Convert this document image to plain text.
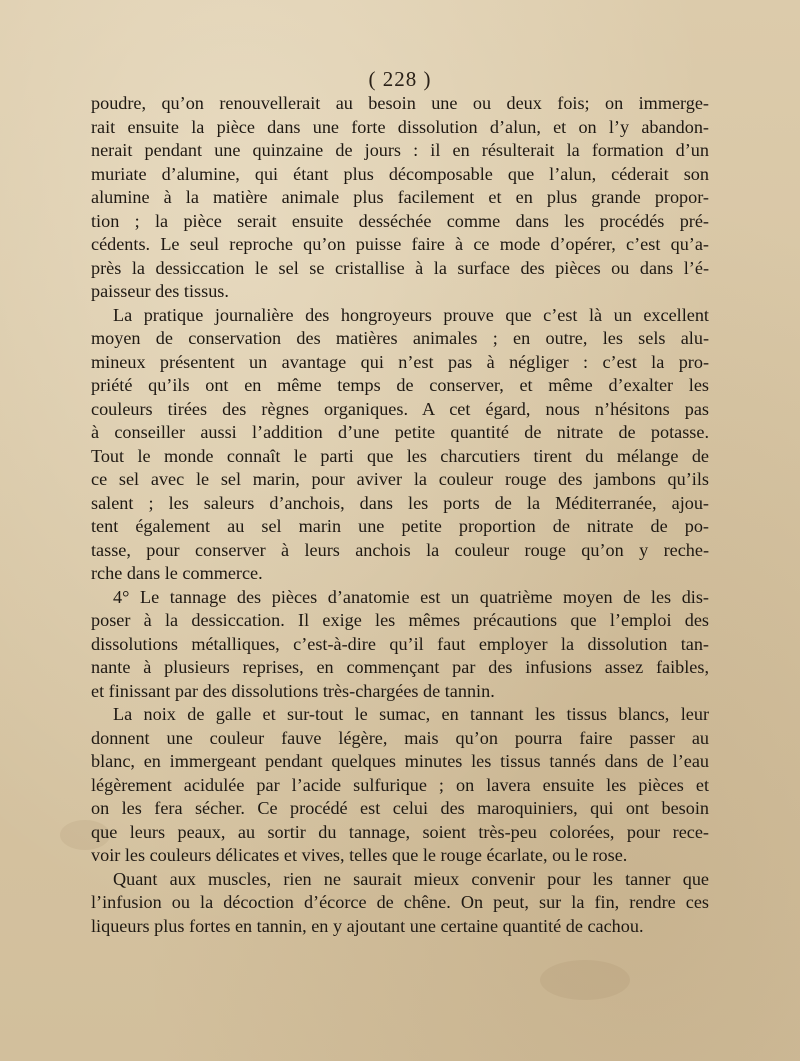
( 228 )
poudre, qu’on renouvellerait au besoin une ou deux fois; on immerge-
rait ensuite la pièce dans une forte dissolution d’alun, et on l’y abandon-
nerait pendant une quinzaine de jours : il en résulterait la formation d’un
muriate d’alumine, qui étant plus décomposable que l’alun, céderait son
alumine à la matière animale plus facilement et en plus grande propor-
tion ; la pièce serait ensuite desséchée comme dans les procédés pré-
cédents. Le seul reproche qu’on puisse faire à ce mode d’opérer, c’est qu’a-
près la dessiccation le sel se cristallise à la surface des pièces ou dans l’é-
paisseur des tissus.
La pratique journalière des hongroyeurs prouve que c’est là un excellent
moyen de conservation des matières animales ; en outre, les sels alu-
mineux présentent un avantage qui n’est pas à négliger : c’est la pro-
priété qu’ils ont en même temps de conserver, et même d’exalter les
couleurs tirées des règnes organiques. A cet égard, nous n’hésitons pas
à conseiller aussi l’addition d’une petite quantité de nitrate de potasse.
Tout le monde connaît le parti que les charcutiers tirent du mélange de
ce sel avec le sel marin, pour aviver la couleur rouge des jambons qu’ils
salent ; les saleurs d’anchois, dans les ports de la Méditerranée, ajou-
tent également au sel marin une petite proportion de nitrate de po-
tasse, pour conserver à leurs anchois la couleur rouge qu’on y reche-
rche dans le commerce.
4° Le tannage des pièces d’anatomie est un quatrième moyen de les dis-
poser à la dessiccation. Il exige les mêmes précautions que l’emploi des
dissolutions métalliques, c’est-à-dire qu’il faut employer la dissolution tan-
nante à plusieurs reprises, en commençant par des infusions assez faibles,
et finissant par des dissolutions très-chargées de tannin.
La noix de galle et sur-tout le sumac, en tannant les tissus blancs, leur
donnent une couleur fauve légère, mais qu’on pourra faire passer au
blanc, en immergeant pendant quelques minutes les tissus tannés dans de l’eau
légèrement acidulée par l’acide sulfurique ; on lavera ensuite les pièces et
on les fera sécher. Ce procédé est celui des maroquiniers, qui ont besoin
que leurs peaux, au sortir du tannage, soient très-peu colorées, pour rece-
voir les couleurs délicates et vives, telles que le rouge écarlate, ou le rose.
Quant aux muscles, rien ne saurait mieux convenir pour les tanner que
l’infusion ou la décoction d’écorce de chêne. On peut, sur la fin, rendre ces
liqueurs plus fortes en tannin, en y ajoutant une certaine quantité de cachou.
